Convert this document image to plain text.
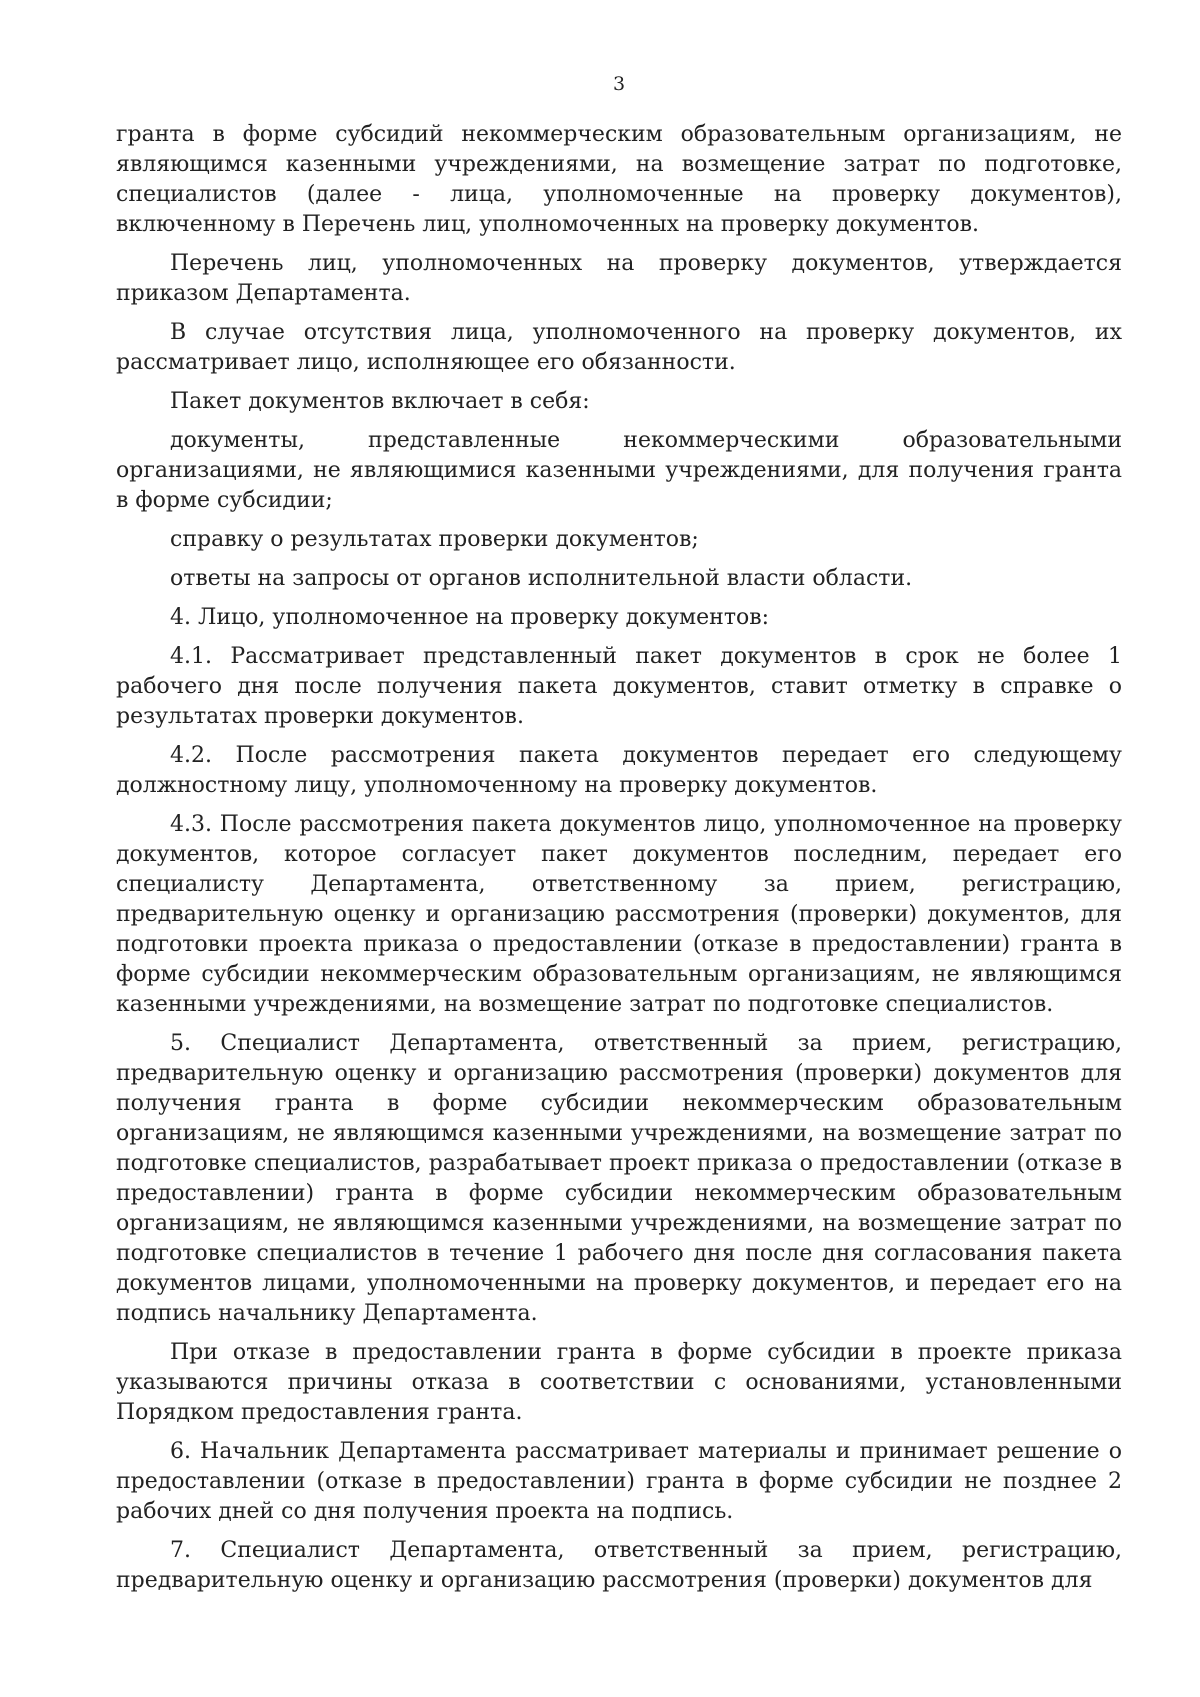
3

гранта в форме субсидий некоммерческим образовательным организациям, не являющимся казенными учреждениями, на возмещение затрат по подготовке, специалистов (далее - лица, уполномоченные на проверку документов), включенному в Перечень лиц, уполномоченных на проверку документов.

Перечень лиц, уполномоченных на проверку документов, утверждается приказом Департамента.

В случае отсутствия лица, уполномоченного на проверку документов, их рассматривает лицо, исполняющее его обязанности.

Пакет документов включает в себя:

документы, представленные некоммерческими образовательными организациями, не являющимися казенными учреждениями, для получения гранта в форме субсидии;

справку о результатах проверки документов;

ответы на запросы от органов исполнительной власти области.

4. Лицо, уполномоченное на проверку документов:

4.1. Рассматривает представленный пакет документов в срок не более 1 рабочего дня после получения пакета документов, ставит отметку в справке о результатах проверки документов.

4.2. После рассмотрения пакета документов передает его следующему должностному лицу, уполномоченному на проверку документов.

4.3. После рассмотрения пакета документов лицо, уполномоченное на проверку документов, которое согласует пакет документов последним, передает его специалисту Департамента, ответственному за прием, регистрацию, предварительную оценку и организацию рассмотрения (проверки) документов, для подготовки проекта приказа о предоставлении (отказе в предоставлении) гранта в форме субсидии некоммерческим образовательным организациям, не являющимся казенными учреждениями, на возмещение затрат по подготовке специалистов.

5. Специалист Департамента, ответственный за прием, регистрацию, предварительную оценку и организацию рассмотрения (проверки) документов для получения гранта в форме субсидии некоммерческим образовательным организациям, не являющимся казенными учреждениями, на возмещение затрат по подготовке специалистов, разрабатывает проект приказа о предоставлении (отказе в предоставлении) гранта в форме субсидии некоммерческим образовательным организациям, не являющимся казенными учреждениями, на возмещение затрат по подготовке специалистов в течение 1 рабочего дня после дня согласования пакета документов лицами, уполномоченными на проверку документов, и передает его на подпись начальнику Департамента.

При отказе в предоставлении гранта в форме субсидии в проекте приказа указываются причины отказа в соответствии с основаниями, установленными Порядком предоставления гранта.

6. Начальник Департамента рассматривает материалы и принимает решение о предоставлении (отказе в предоставлении) гранта в форме субсидии не позднее 2 рабочих дней со дня получения проекта на подпись.

7. Специалист Департамента, ответственный за прием, регистрацию, предварительную оценку и организацию рассмотрения (проверки) документов для
